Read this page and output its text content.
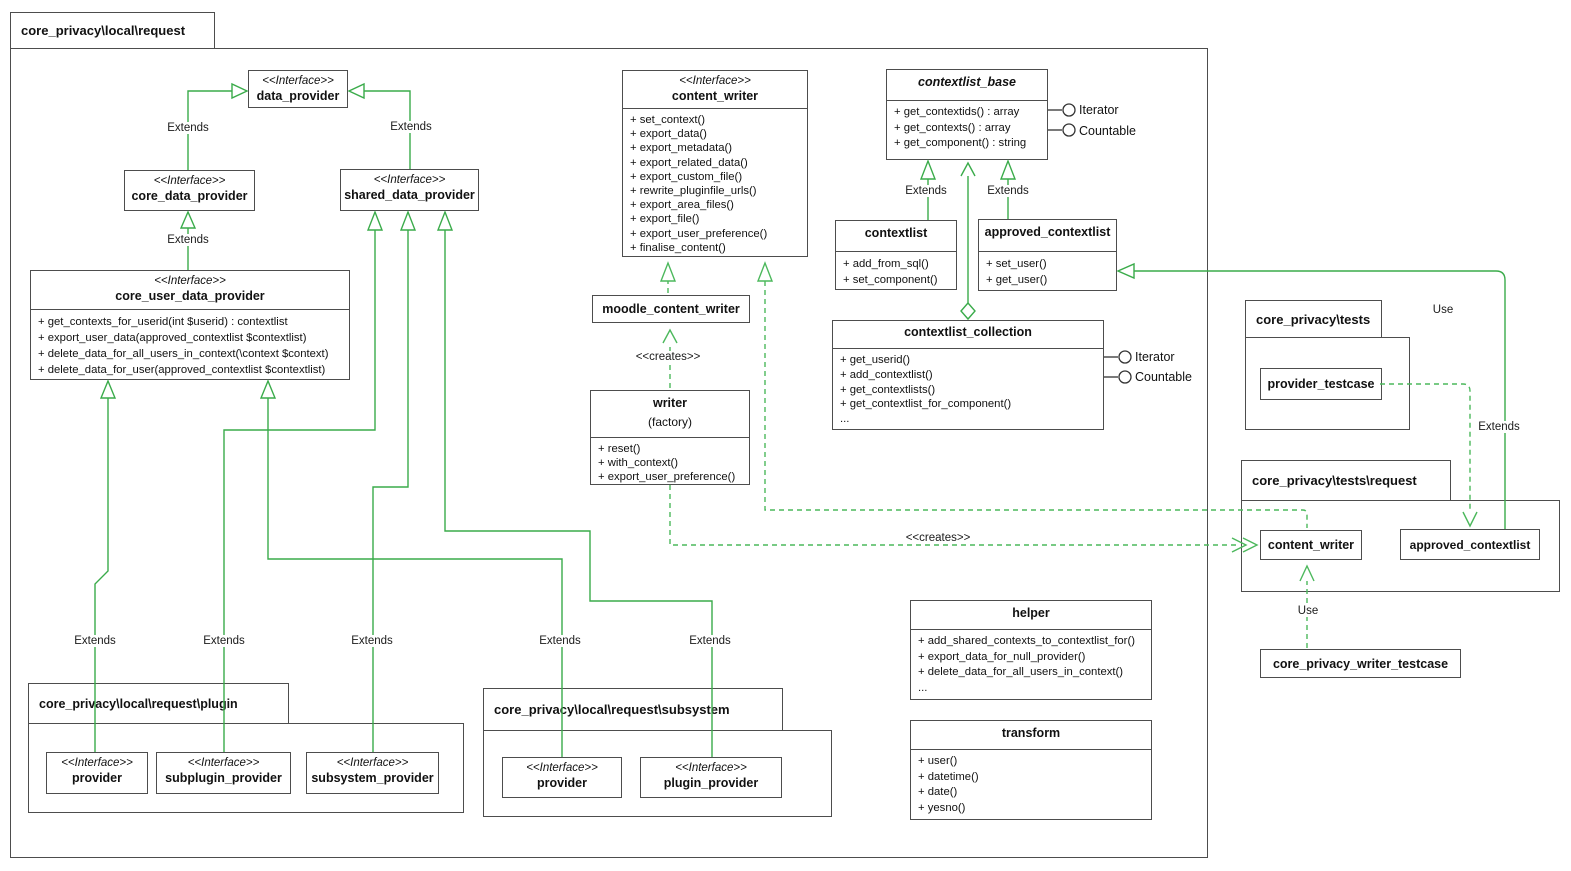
core_privacy\local\request
core_privacy\local\request\plugin	core_privacy\local\request\subsystem
core_privacy\tests
core_privacy\tests\request
<<Interface>>
data_provider
<<Interface>>
core_data_provider
<<Interface>>
shared_data_provider
<<Interface>>
core_user_data_provider
+ get_contexts_for_userid(int $userid) : contextlist
+ export_user_data(approved_contextlist $contextlist)
+ delete_data_for_all_users_in_context(\context $context)
+ delete_data_for_user(approved_contextlist $contextlist)
<<Interface>>
content_writer
+ set_context()
+ export_data()
+ export_metadata()
+ export_related_data()
+ export_custom_file()
+ rewrite_pluginfile_urls()
+ export_area_files()
+ export_file()
+ export_user_preference()
+ finalise_content()
contextlist_base
+ get_contextids() : array
+ get_contexts() : array
+ get_component() : string
contextlist
+ add_from_sql()
+ set_component()
approved_contextlist
+ set_user()
+ get_user()
contextlist_collection
+ get_userid()
+ add_contextlist()
+ get_contextlists()
+ get_contextlist_for_component()
...
moodle_content_writer
writer
(factory)
+ reset()
+ with_context()
+ export_user_preference()
helper
+ add_shared_contexts_to_contextlist_for()
+ export_data_for_null_provider()
+ delete_data_for_all_users_in_context()
...
transform
+ user()
+ datetime()
+ date()
+ yesno()
<<Interface>>
provider
<<Interface>>
subplugin_provider
<<Interface>>
subsystem_provider
<<Interface>>
provider
<<Interface>>
plugin_provider
provider_testcase
content_writer	approved_contextlist
core_privacy_writer_testcase
Extends	Extends
Extends
Extends	Extends	Extends	Extends	Extends
Extends	Extends
Extends
Use
Use
<<creates>>
<<creates>>
Iterator
Countable
Iterator
Countable
